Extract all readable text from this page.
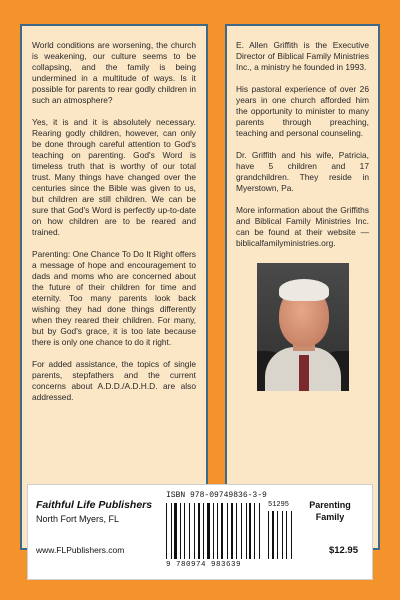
World conditions are worsening, the church is weakening, our culture seems to be collapsing, and the family is being undermined in a multitude of ways. Is it possible for parents to rear godly children in such an atmosphere?

Yes, it is and it is absolutely necessary. Rearing godly children, however, can only be done through careful attention to God's teaching on parenting. God's Word is timeless truth that is worthy of our total trust. Many things have changed over the centuries since the Bible was given to us, but children are still children. We can be sure that God's Word is perfectly up-to-date on how children are to be reared and trained.

Parenting: One Chance To Do It Right offers a message of hope and encouragement to dads and moms who are concerned about the future of their children for time and eternity. Too many parents look back wishing they had done things differently when they reared their children. For many, but by God's grace, it is too late because there is only one chance to do it right.

For added assistance, the topics of single parents, stepfathers and the current concerns about A.D.D./A.D.H.D. are also addressed.

E. Allen Griffith is the Executive Director of Biblical Family Ministries Inc., a ministry he founded in 1993.

His pastoral experience of over 26 years in one church afforded him the opportunity to minister to many parents through preaching, teaching and personal counseling.

Dr. Griffith and his wife, Patricia, have 5 children and 17 grandchildren. They reside in Myerstown, Pa.

More information about the Griffiths and Biblical Family Ministries Inc. can be found at their website — biblicalfamilyministries.org.

Faithful Life Publishers
North Fort Myers, FL
www.FLPublishers.com
ISBN 978-09749836-3-9
51295
9 780974 983639
Parenting Family
$12.95
